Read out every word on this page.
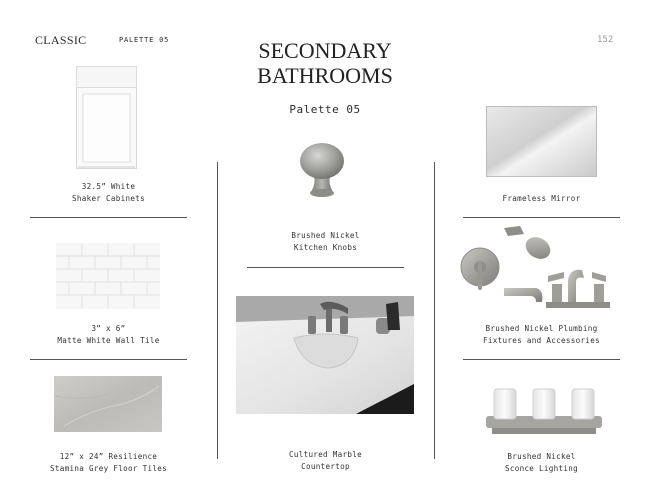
CLASSIC	PALETTE 05	152
SECONDARY
BATHROOMS
Palette 05
32.5” White
Shaker Cabinets
3” x 6”
Matte White Wall Tile
12” x 24” Resilience
Stamina Grey Floor Tiles
Brushed Nickel
Kitchen Knobs
Cultured Marble
Countertop
Frameless Mirror
Brushed Nickel Plumbing
Fixtures and Accessories
Brushed Nickel
Sconce Lighting
